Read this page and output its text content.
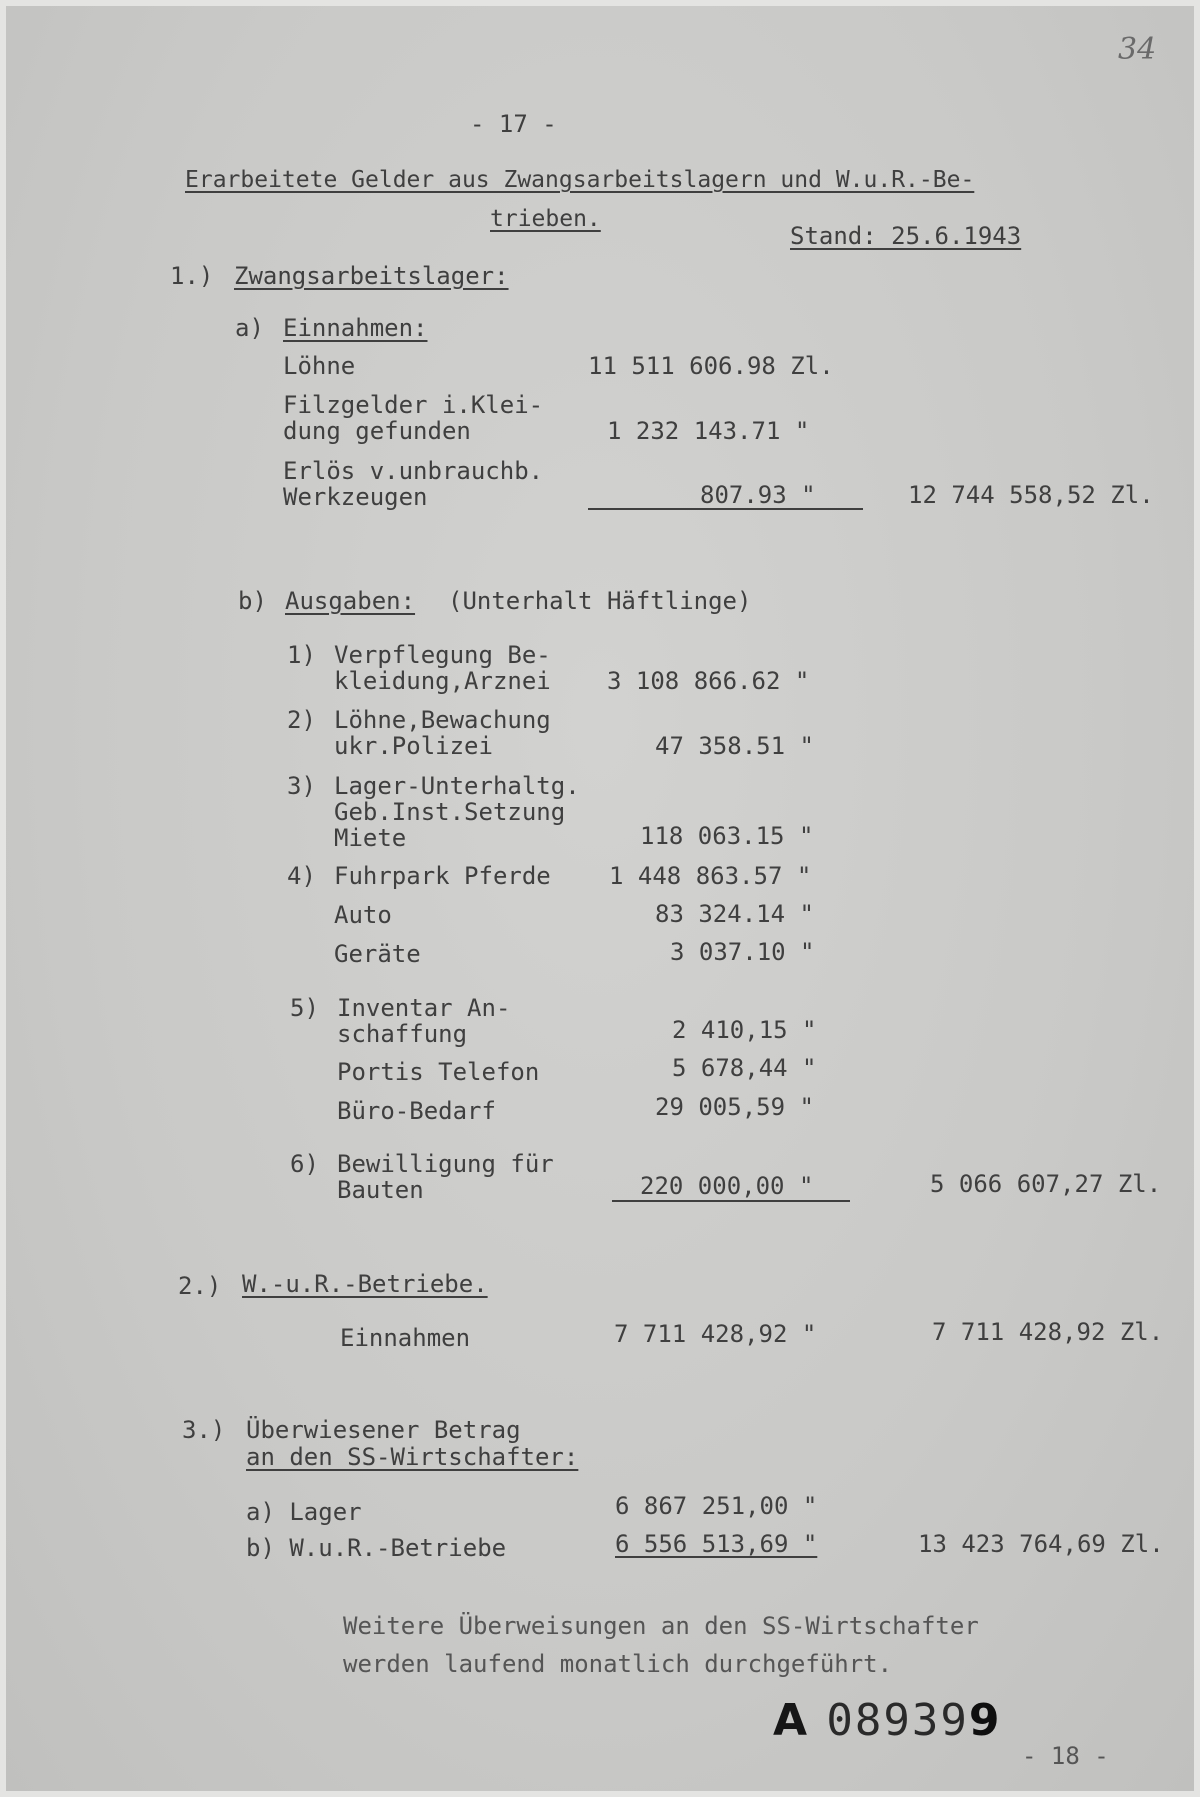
34
- 17 -
Erarbeitete Gelder aus Zwangsarbeitslagern und W.u.R.-Be-
trieben.
Stand: 25.6.1943
1.) Zwangsarbeitslager:
a) Einnahmen:
Löhne	11 511 606.98 Zl.
Filzgelder i.Klei-
dung gefunden	1 232 143.71 "
Erlös v.unbrauchb.
Werkzeugen	807.93 "	12 744 558,52 Zl.
b) Ausgaben: (Unterhalt Häftlinge)
1) Verpflegung Be-
kleidung,Arznei 3 108 866.62 "
2) Löhne,Bewachung
ukr.Polizei	47 358.51 "
3) Lager-Unterhaltg.
Geb.Inst.Setzung
Miete	118 063.15 "
4) Fuhrpark Pferde 1 448 863.57 "
Auto	83 324.14 "
Geräte	3 037.10 "
5) Inventar An-
schaffung	2 410,15 "
Portis Telefon	5 678,44 "
Büro-Bedarf	29 005,59 "
6) Bewilligung für
Bauten	220 000,00 "	5 066 607,27 Zl.
2.) W.-u.R.-Betriebe.
Einnahmen	7 711 428,92 "	7 711 428,92 Zl.
3.) Überwiesener Betrag
an den SS-Wirtschafter:
a) Lager	6 867 251,00 "
b) W.u.R.-Betriebe	6 556 513,69 "	13 423 764,69 Zl.
Weitere Überweisungen an den SS-Wirtschafter
werden laufend monatlich durchgeführt.
A 089399
- 18 -
